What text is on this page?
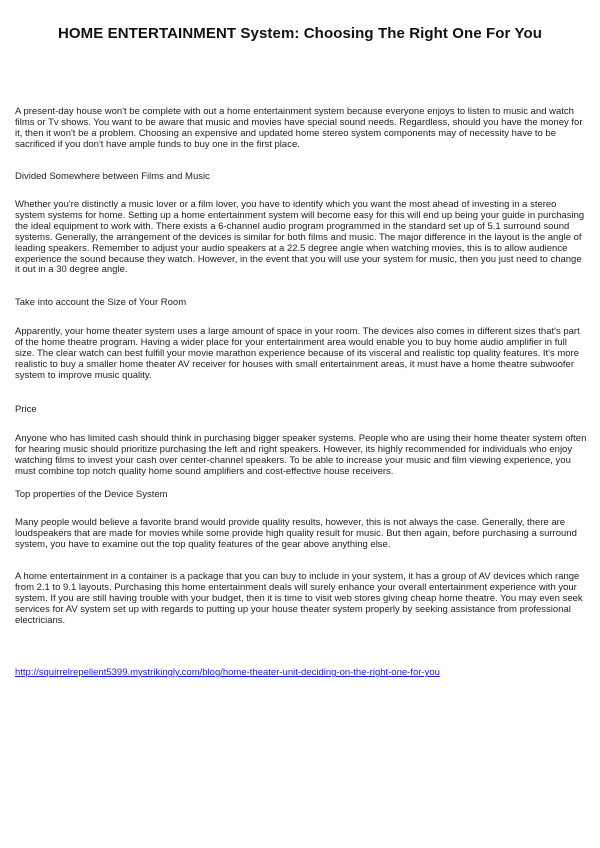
HOME ENTERTAINMENT System: Choosing The Right One For You

A present-day house won't be complete with out a home entertainment system because everyone enjoys to listen to music and watch films or Tv shows. You want to be aware that music and movies have special sound needs. Regardless, should you have the money for it, then it won't be a problem. Choosing an expensive and updated home stereo system components may of necessity have to be sacrificed if you don't have ample funds to buy one in the first place.

Divided Somewhere between Films and Music

Whether you're distinctly a music lover or a film lover, you have to identify which you want the most ahead of investing in a stereo system systems for home. Setting up a home entertainment system will become easy for this will end up being your guide in purchasing the ideal equipment to work with. There exists a 6-channel audio program programmed in the standard set up of 5.1 surround sound systems. Generally, the arrangement of the devices is similar for both films and music. The major difference in the layout is the angle of leading speakers. Remember to adjust your audio speakers at a 22.5 degree angle when watching movies, this is to allow audience experience the sound because they watch. However, in the event that you will use your system for music, then you just need to change it out in a 30 degree angle.

Take into account the Size of Your Room

Apparently, your home theater system uses a large amount of space in your room. The devices also comes in different sizes that's part of the home theatre program. Having a wider place for your entertainment area would enable you to buy home audio amplifier in full size. The clear watch can best fulfill your movie marathon experience because of its visceral and realistic top quality features. It's more realistic to buy a smaller home theater AV receiver for houses with small entertainment areas, it must have a home theatre subwoofer system to improve music quality.

Price

Anyone who has limited cash should think in purchasing bigger speaker systems. People who are using their home theater system often for hearing music should prioritize purchasing the left and right speakers. However, its highly recommended for individuals who enjoy watching films to invest your cash over center-channel speakers. To be able to increase your music and film viewing experience, you must combine top notch quality home sound amplifiers and cost-effective house receivers.

Top properties of the Device System

Many people would believe a favorite brand would provide quality results, however, this is not always the case. Generally, there are loudspeakers that are made for movies while some provide high quality result for music. But then again, before purchasing a surround system, you have to examine out the top quality features of the gear above anything else.

A home entertainment in a container is a package that you can buy to include in your system, it has a group of AV devices which range from 2.1 to 9.1 layouts. Purchasing this home entertainment deals will surely enhance your overall entertainment experience with your system. If you are still having trouble with your budget, then it is time to visit web stores giving cheap home theatre. You may even seek services for AV system set up with regards to putting up your house theater system properly by seeking assistance from professional electricians.

http://squirrelrepellent5399.mystrikingly.com/blog/home-theater-unit-deciding-on-the-right-one-for-you
